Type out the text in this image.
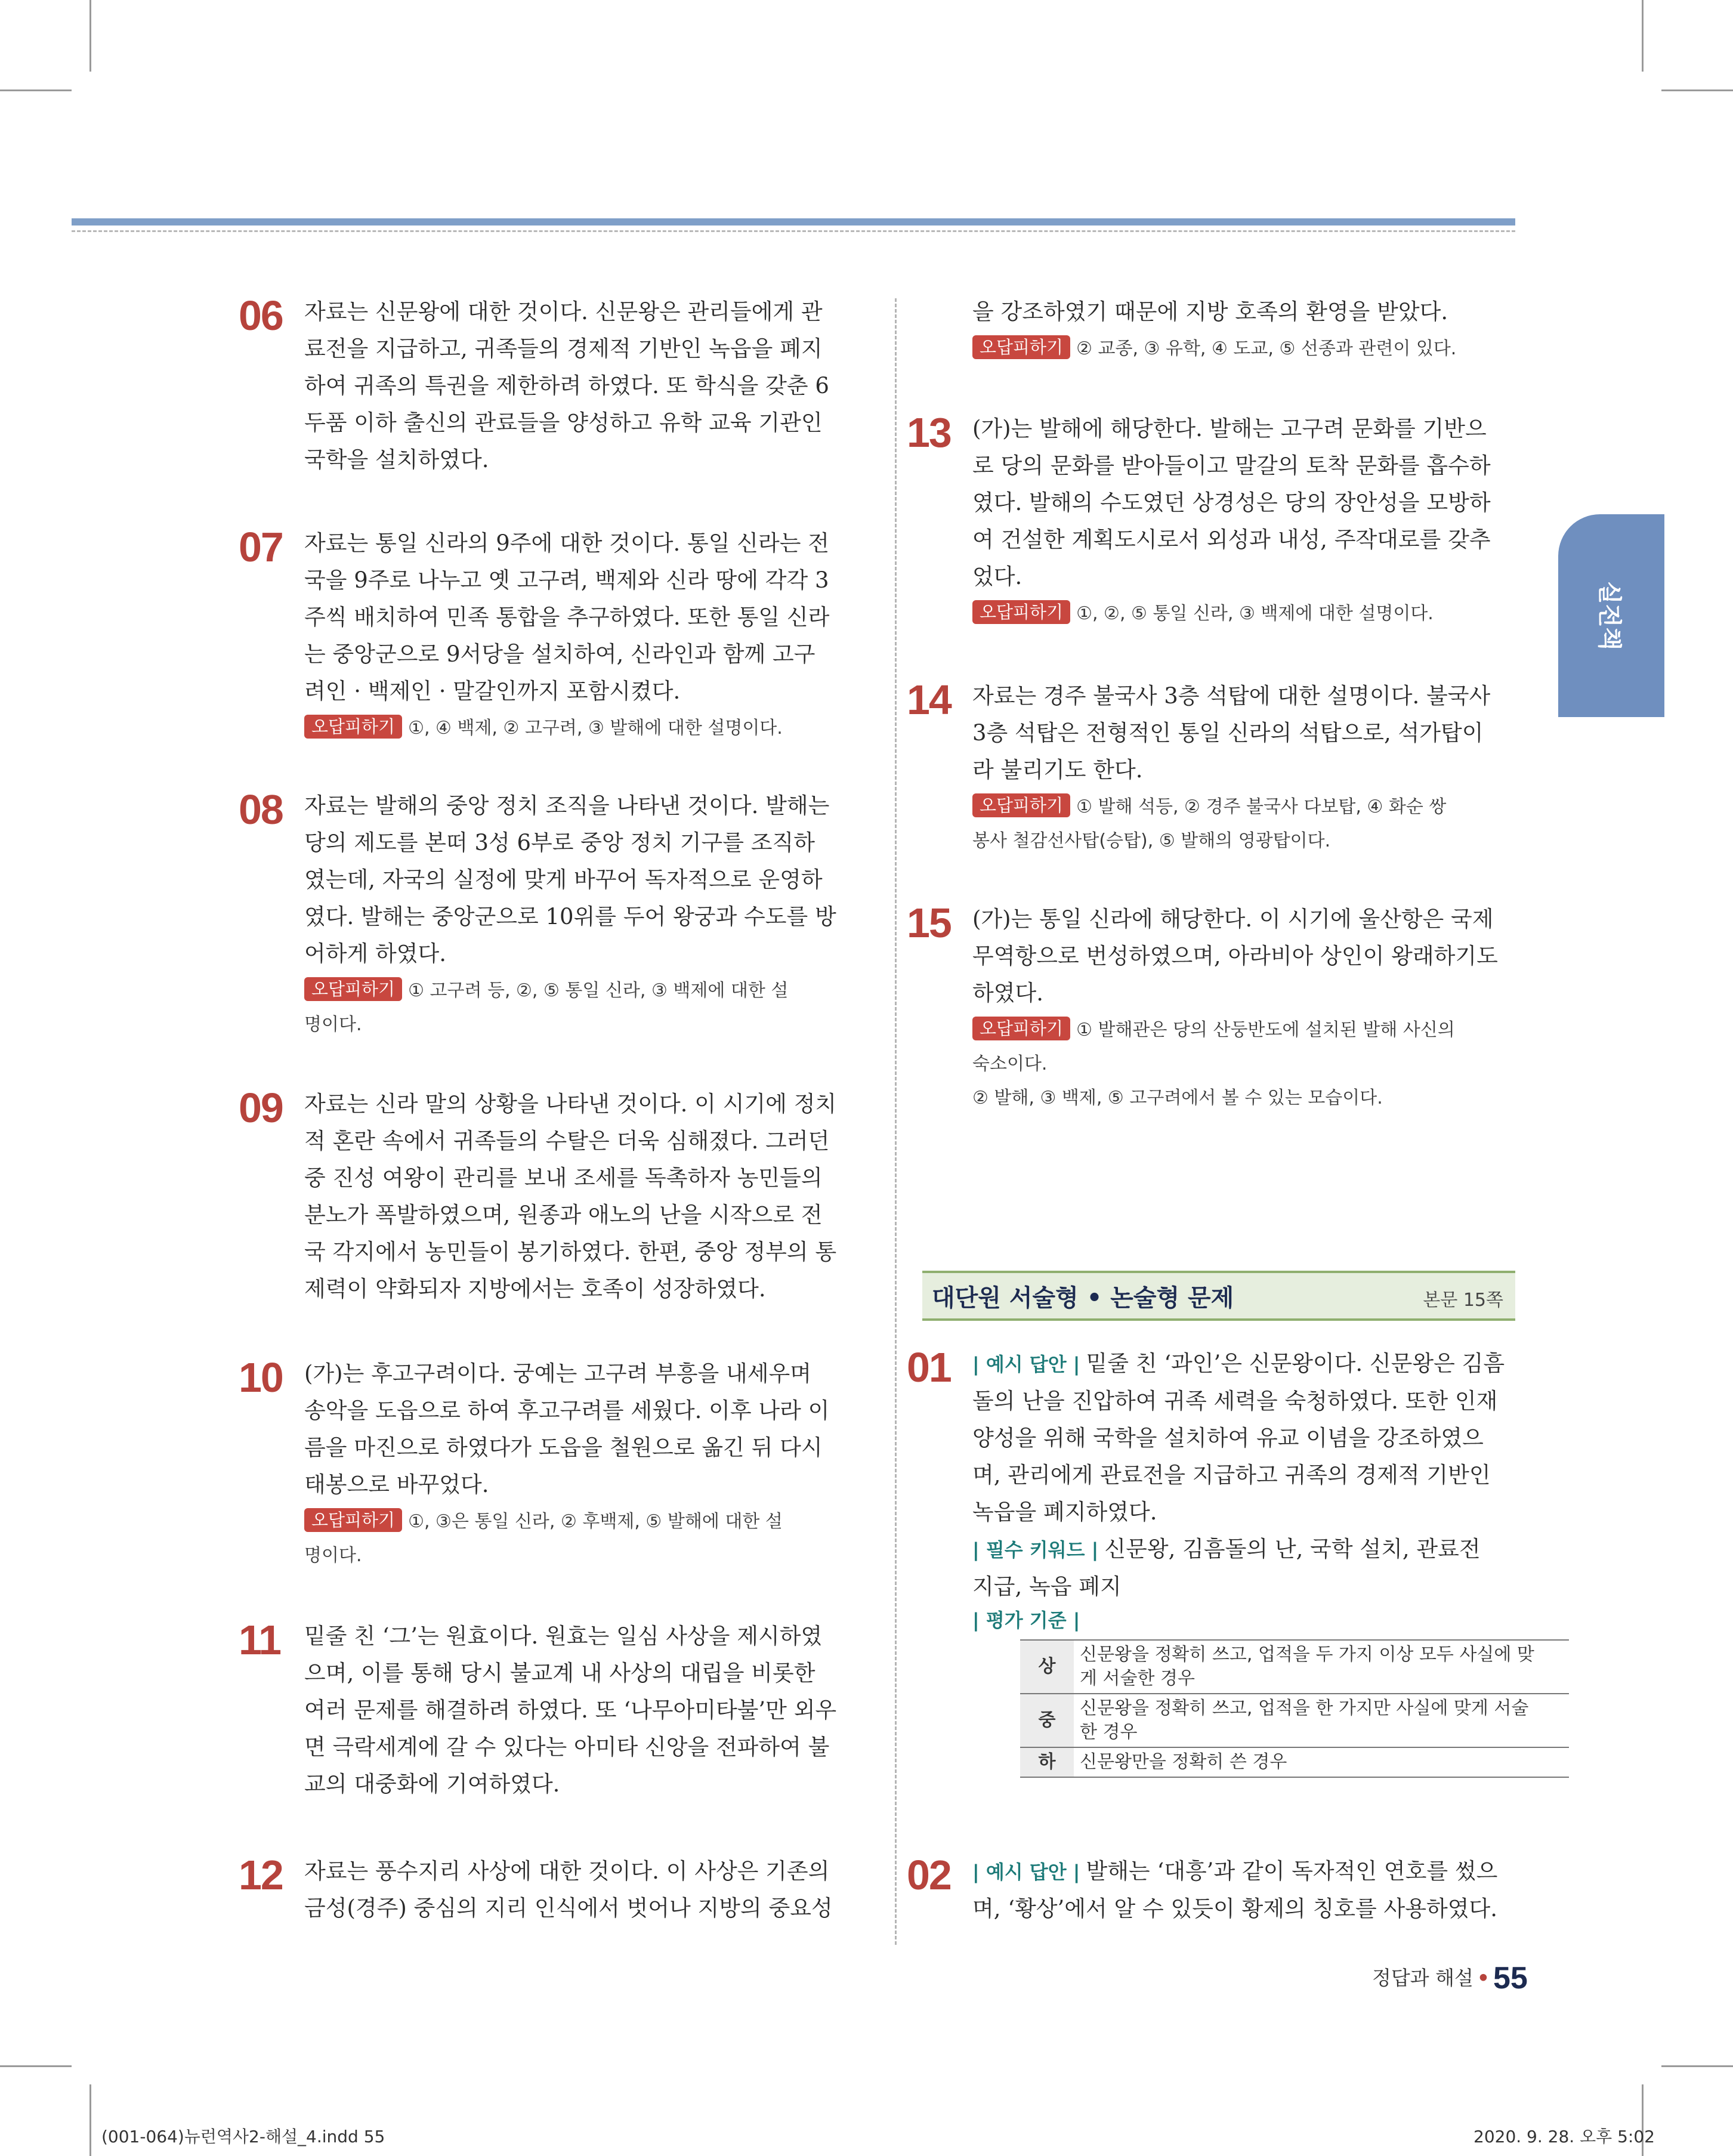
실전책
06 자료는 신문왕에 대한 것이다. 신문왕은 관리들에게 관

료전을 지급하고, 귀족들의 경제적 기반인 녹읍을 폐지

하여 귀족의 특권을 제한하려 하였다. 또 학식을 갖춘 6

두품 이하 출신의 관료들을 양성하고 유학 교육 기관인

국학을 설치하였다.

07 자료는 통일 신라의 9주에 대한 것이다. 통일 신라는 전

국을 9주로 나누고 옛 고구려, 백제와 신라 땅에 각각 3

주씩 배치하여 민족 통합을 추구하였다. 또한 통일 신라

는 중앙군으로 9서당을 설치하여, 신라인과 함께 고구

려인 · 백제인 · 말갈인까지 포함시켰다.

오답피하기 ①, ④ 백제, ② 고구려, ③ 발해에 대한 설명이다.

08 자료는 발해의 중앙 정치 조직을 나타낸 것이다. 발해는

당의 제도를 본떠 3성 6부로 중앙 정치 기구를 조직하

였는데, 자국의 실정에 맞게 바꾸어 독자적으로 운영하

였다. 발해는 중앙군으로 10위를 두어 왕궁과 수도를 방

어하게 하였다.

오답피하기 ① 고구려 등, ②, ⑤ 통일 신라, ③ 백제에 대한 설

명이다.

09 자료는 신라 말의 상황을 나타낸 것이다. 이 시기에 정치

적 혼란 속에서 귀족들의 수탈은 더욱 심해졌다. 그러던

중 진성 여왕이 관리를 보내 조세를 독촉하자 농민들의

분노가 폭발하였으며, 원종과 애노의 난을 시작으로 전

국 각지에서 농민들이 봉기하였다. 한편, 중앙 정부의 통

제력이 약화되자 지방에서는 호족이 성장하였다.

10 (가)는 후고구려이다. 궁예는 고구려 부흥을 내세우며

송악을 도읍으로 하여 후고구려를 세웠다. 이후 나라 이

름을 마진으로 하였다가 도읍을 철원으로 옮긴 뒤 다시

태봉으로 바꾸었다.

오답피하기 ①, ③은 통일 신라, ② 후백제, ⑤ 발해에 대한 설

명이다.

11 밑줄 친 ‘그’는 원효이다. 원효는 일심 사상을 제시하였

으며, 이를 통해 당시 불교계 내 사상의 대립을 비롯한

여러 문제를 해결하려 하였다. 또 ‘나무아미타불’만 외우

면 극락세계에 갈 수 있다는 아미타 신앙을 전파하여 불

교의 대중화에 기여하였다.

12 자료는 풍수지리 사상에 대한 것이다. 이 사상은 기존의

금성(경주) 중심의 지리 인식에서 벗어나 지방의 중요성

을 강조하였기 때문에 지방 호족의 환영을 받았다.

오답피하기 ② 교종, ③ 유학, ④ 도교, ⑤ 선종과 관련이 있다.

13 (가)는 발해에 해당한다. 발해는 고구려 문화를 기반으

로 당의 문화를 받아들이고 말갈의 토착 문화를 흡수하

였다. 발해의 수도였던 상경성은 당의 장안성을 모방하

여 건설한 계획도시로서 외성과 내성, 주작대로를 갖추

었다.

오답피하기 ①, ②, ⑤ 통일 신라, ③ 백제에 대한 설명이다.

14 자료는 경주 불국사 3층 석탑에 대한 설명이다. 불국사

3층 석탑은 전형적인 통일 신라의 석탑으로, 석가탑이

라 불리기도 한다.

오답피하기 ① 발해 석등, ② 경주 불국사 다보탑, ④ 화순 쌍

봉사 철감선사탑(승탑), ⑤ 발해의 영광탑이다.

15 (가)는 통일 신라에 해당한다. 이 시기에 울산항은 국제

무역항으로 번성하였으며, 아라비아 상인이 왕래하기도

하였다.

오답피하기 ① 발해관은 당의 산둥반도에 설치된 발해 사신의

숙소이다.

② 발해, ③ 백제, ⑤ 고구려에서 볼 수 있는 모습이다.

대단원 서술형 • 논술형 문제	본문 15쪽
01 | 예시 답안 | 밑줄 친 ‘과인’은 신문왕이다. 신문왕은 김흠

돌의 난을 진압하여 귀족 세력을 숙청하였다. 또한 인재

양성을 위해 국학을 설치하여 유교 이념을 강조하였으

며, 관리에게 관료전을 지급하고 귀족의 경제적 기반인

녹읍을 폐지하였다.

| 필수 키워드 | 신문왕, 김흠돌의 난, 국학 설치, 관료전

지급, 녹읍 폐지

| 평가 기준 |

상	신문왕을 정확히 쓰고, 업적을 두 가지 이상 모두 사실에 맞
게 서술한 경우

중	신문왕을 정확히 쓰고, 업적을 한 가지만 사실에 맞게 서술
한 경우

하	신문왕만을 정확히 쓴 경우
02 | 예시 답안 | 발해는 ‘대흥’과 같이 독자적인 연호를 썼으

며, ‘황상’에서 알 수 있듯이 황제의 칭호를 사용하였다.

정답과 해설 • 55
(001-064)뉴런역사2-해설_4.indd 55	2020. 9. 28. 오후 5:02
